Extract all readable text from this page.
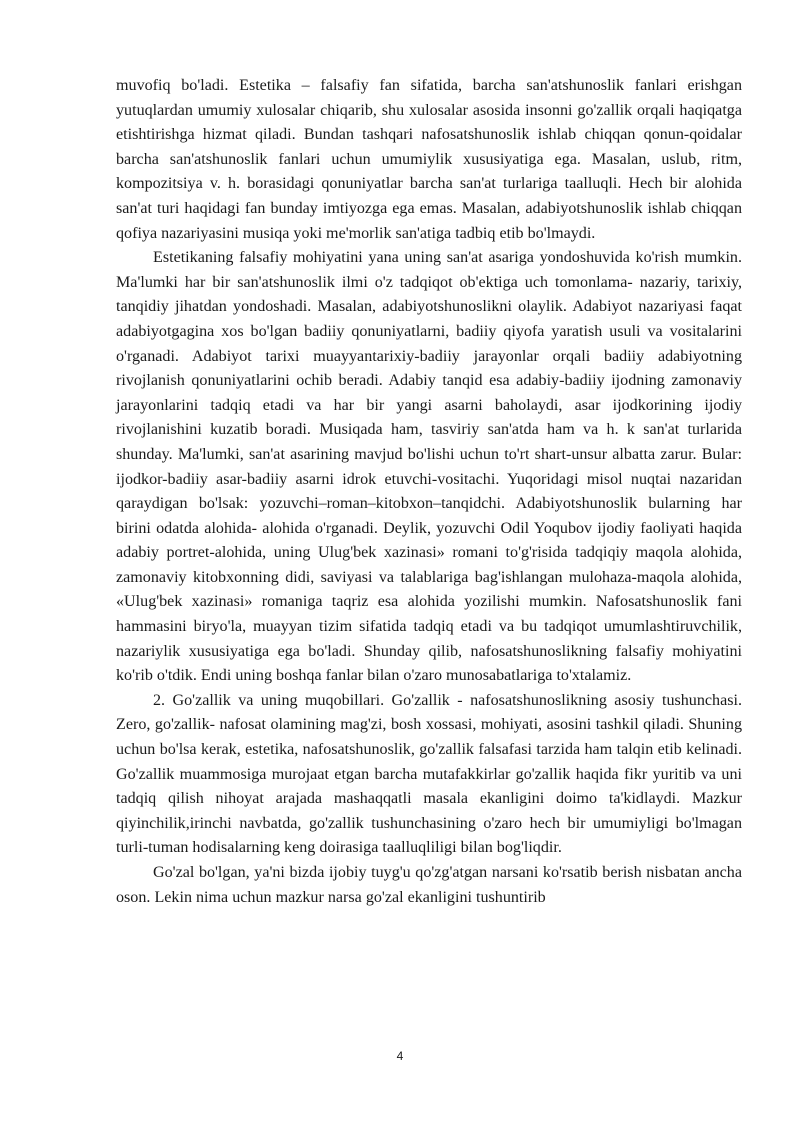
muvofiq bo'ladi. Estetika – falsafiy fan sifatida, barcha san'atshunoslik fanlari erishgan yutuqlardan umumiy xulosalar chiqarib, shu xulosalar asosida insonni go'zallik orqali haqiqatga etishtirishga hizmat qiladi. Bundan tashqari nafosatshunoslik ishlab chiqqan qonun-qoidalar barcha san'atshunoslik fanlari uchun umumiylik xususiyatiga ega. Masalan, uslub, ritm, kompozitsiya v. h. borasidagi qonuniyatlar barcha san'at turlariga taalluqli. Hech bir alohida san'at turi haqidagi fan bunday imtiyozga ega emas. Masalan, adabiyotshunoslik ishlab chiqqan qofiya nazariyasini musiqa yoki me'morlik san'atiga tadbiq etib bo'lmaydi.

Estetikaning falsafiy mohiyatini yana uning san'at asariga yondoshuvida ko'rish mumkin. Ma'lumki har bir san'atshunoslik ilmi o'z tadqiqot ob'ektiga uch tomonlama- nazariy, tarixiy, tanqidiy jihatdan yondoshadi. Masalan, adabiyotshunoslikni olaylik. Adabiyot nazariyasi faqat adabiyotgagina xos bo'lgan badiiy qonuniyatlarni, badiiy qiyofa yaratish usuli va vositalarini o'rganadi. Adabiyot tarixi muayyantarixiy-badiiy jarayonlar orqali badiiy adabiyotning rivojlanish qonuniyatlarini ochib beradi. Adabiy tanqid esa adabiy-badiiy ijodning zamonaviy jarayonlarini tadqiq etadi va har bir yangi asarni baholaydi, asar ijodkorining ijodiy rivojlanishini kuzatib boradi. Musiqada ham, tasviriy san'atda ham va h. k san'at turlarida shunday. Ma'lumki, san'at asarining mavjud bo'lishi uchun to'rt shart-unsur albatta zarur. Bular: ijodkor-badiiy asar-badiiy asarni idrok etuvchi-vositachi. Yuqoridagi misol nuqtai nazaridan qaraydigan bo'lsak: yozuvchi–roman–kitobxon–tanqidchi. Adabiyotshunoslik bularning har birini odatda alohida- alohida o'rganadi. Deylik, yozuvchi Odil Yoqubov ijodiy faoliyati haqida adabiy portret-alohida, uning Ulug'bek xazinasi» romani to'g'risida tadqiqiy maqola alohida, zamonaviy kitobxonning didi, saviyasi va talablariga bag'ishlangan mulohaza-maqola alohida, «Ulug'bek xazinasi» romaniga taqriz esa alohida yozilishi mumkin. Nafosatshunoslik fani hammasini biryo'la, muayyan tizim sifatida tadqiq etadi va bu tadqiqot umumlashtiruvchilik, nazariylik xususiyatiga ega bo'ladi. Shunday qilib, nafosatshunoslikning falsafiy mohiyatini ko'rib o'tdik. Endi uning boshqa fanlar bilan o'zaro munosabatlariga to'xtalamiz.

2. Go'zallik va uning muqobillari. Go'zallik - nafosatshunoslikning asosiy tushunchasi. Zero, go'zallik- nafosat olamining mag'zi, bosh xossasi, mohiyati, asosini tashkil qiladi. Shuning uchun bo'lsa kerak, estetika, nafosatshunoslik, go'zallik falsafasi tarzida ham talqin etib kelinadi. Go'zallik muammosiga murojaat etgan barcha mutafakkirlar go'zallik haqida fikr yuritib va uni tadqiq qilish nihoyat arajada mashaqqatli masala ekanligini doimo ta'kidlaydi. Mazkur qiyinchilik,irinchi navbatda, go'zallik tushunchasining o'zaro hech bir umumiyligi bo'lmagan turli-tuman hodisalarning keng doirasiga taalluqliligi bilan bog'liqdir.

Go'zal bo'lgan, ya'ni bizda ijobiy tuyg'u qo'zg'atgan narsani ko'rsatib berish nisbatan ancha oson. Lekin nima uchun mazkur narsa go'zal ekanligini tushuntirib

4
